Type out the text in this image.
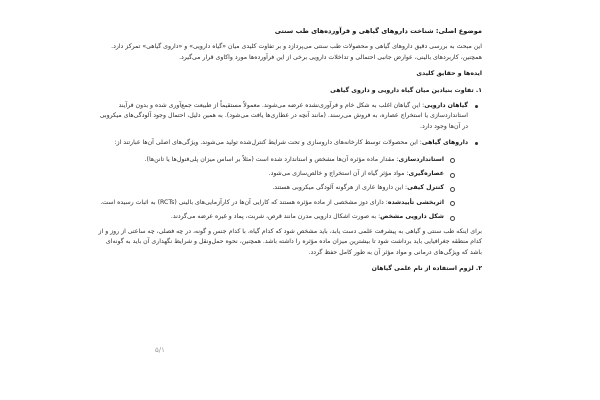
موضوع اصلی: شناخت داروهای گیاهی و فرآورده‌های طب سنتی
این مبحث به بررسی دقیق داروهای گیاهی و محصولات طب سنتی می‌پردازد و بر تفاوت کلیدی میان «گیاه دارویی» و «داروی گیاهی» تمرکز دارد. همچنین، کاربردهای بالینی، عوارض جانبی احتمالی و تداخلات دارویی برخی از این فرآورده‌ها مورد واکاوی قرار می‌گیرد.
ایده‌ها و حقایق کلیدی
۱. تفاوت بنیادین میان گیاه دارویی و داروی گیاهی
گیاهان دارویی: این گیاهان اغلب به شکل خام و فرآوری‌نشده عرضه می‌شوند. معمولاً مستقیماً از طبیعت جمع‌آوری شده و بدون فرآیند استانداردسازی یا استخراج عصاره، به فروش می‌رسند. (مانند آنچه در عطاری‌ها یافت می‌شود). به همین دلیل، احتمال وجود آلودگی‌های میکروبی در آن‌ها وجود دارد.
داروهای گیاهی: این محصولات توسط کارخانه‌های داروسازی و تحت شرایط کنترل‌شده تولید می‌شوند. ویژگی‌های اصلی آن‌ها عبارتند از:
استانداردسازی: مقدار ماده مؤثره آن‌ها مشخص و استاندارد شده است (مثلاً بر اساس میزان پلی‌فنول‌ها یا تانن‌ها).
عصاره‌گیری: مواد مؤثر گیاه از آن استخراج و خالص‌سازی می‌شود.
کنترل کیفی: این داروها عاری از هرگونه آلودگی میکروبی هستند.
اثربخشی تأییدشده: دارای دوز مشخصی از ماده مؤثره هستند که کارایی آن‌ها در کارآزمایی‌های بالینی (RCTs) به اثبات رسیده است.
شکل دارویی مشخص: به صورت اشکال دارویی مدرن مانند قرص، شربت، پماد و غیره عرضه می‌گردند.
برای اینکه طب سنتی و گیاهی به پیشرفت علمی دست یابد، باید مشخص شود که کدام گیاه، با کدام جنس و گونه، در چه فصلی، چه ساعتی از روز و از کدام منطقه جغرافیایی باید برداشت شود تا بیشترین میزان ماده مؤثره را داشته باشد. همچنین، نحوه حمل‌ونقل و شرایط نگهداری آن باید به گونه‌ای باشد که ویژگی‌های درمانی و مواد مؤثر آن به طور کامل حفظ گردد.
۲. لزوم استفاده از نام علمی گیاهان
۵/۱
